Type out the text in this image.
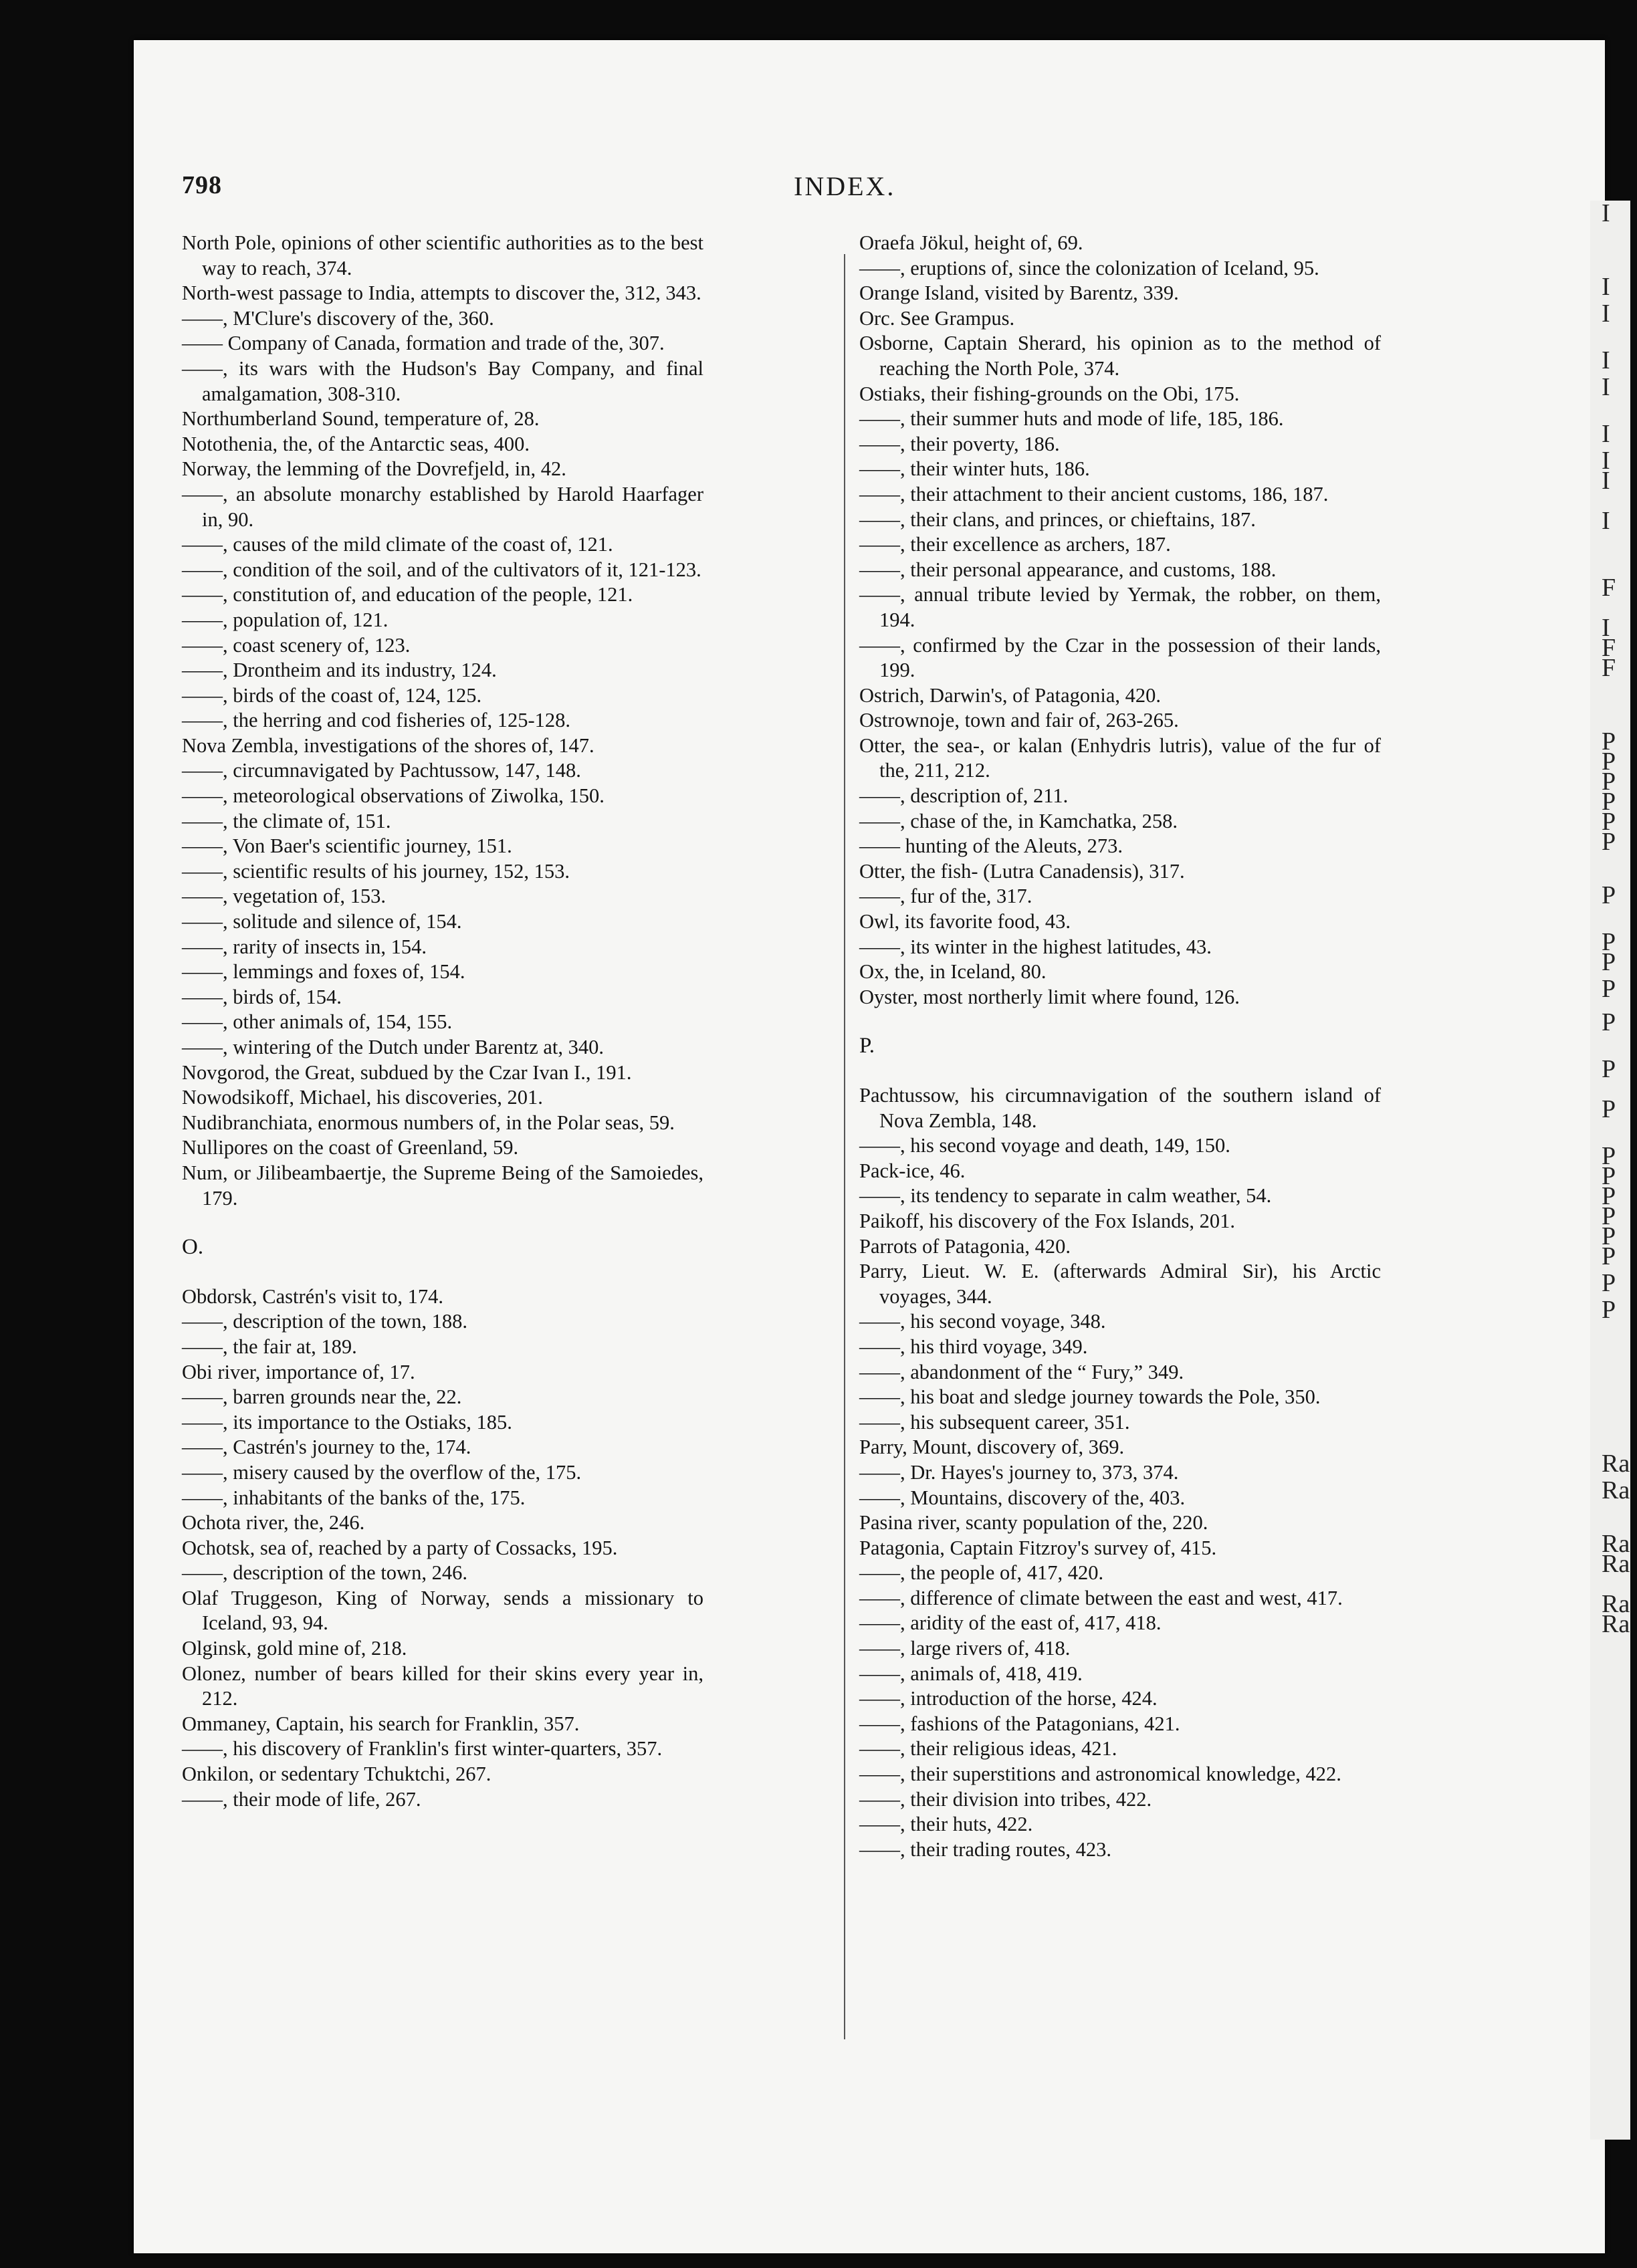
798	INDEX.
North Pole, opinions of other scientific authorities as to the best way to reach, 374.
North-west passage to India, attempts to discover the, 312, 343.
——, M'Clure's discovery of the, 360.
—— Company of Canada, formation and trade of the, 307.
——, its wars with the Hudson's Bay Company, and final amalgamation, 308-310.
Northumberland Sound, temperature of, 28.
Notothenia, the, of the Antarctic seas, 400.
Norway, the lemming of the Dovrefjeld, in, 42.
——, an absolute monarchy established by Harold Haarfager in, 90.
——, causes of the mild climate of the coast of, 121.
——, condition of the soil, and of the cultivators of it, 121-123.
——, constitution of, and education of the people, 121.
——, population of, 121.
——, coast scenery of, 123.
——, Drontheim and its industry, 124.
——, birds of the coast of, 124, 125.
——, the herring and cod fisheries of, 125-128.
Nova Zembla, investigations of the shores of, 147.
——, circumnavigated by Pachtussow, 147, 148.
——, meteorological observations of Ziwolka, 150.
——, the climate of, 151.
——, Von Baer's scientific journey, 151.
——, scientific results of his journey, 152, 153.
——, vegetation of, 153.
——, solitude and silence of, 154.
——, rarity of insects in, 154.
——, lemmings and foxes of, 154.
——, birds of, 154.
——, other animals of, 154, 155.
——, wintering of the Dutch under Barentz at, 340.
Novgorod, the Great, subdued by the Czar Ivan I., 191.
Nowodsikoff, Michael, his discoveries, 201.
Nudibranchiata, enormous numbers of, in the Polar seas, 59.
Nullipores on the coast of Greenland, 59.
Num, or Jilibeambaertje, the Supreme Being of the Samoiedes, 179.
O.
Obdorsk, Castrén's visit to, 174.
——, description of the town, 188.
——, the fair at, 189.
Obi river, importance of, 17.
——, barren grounds near the, 22.
——, its importance to the Ostiaks, 185.
——, Castrén's journey to the, 174.
——, misery caused by the overflow of the, 175.
——, inhabitants of the banks of the, 175.
Ochota river, the, 246.
Ochotsk, sea of, reached by a party of Cossacks, 195.
——, description of the town, 246.
Olaf Truggeson, King of Norway, sends a missionary to Iceland, 93, 94.
Olginsk, gold mine of, 218.
Olonez, number of bears killed for their skins every year in, 212.
Ommaney, Captain, his search for Franklin, 357.
——, his discovery of Franklin's first winter-quarters, 357.
Onkilon, or sedentary Tchuktchi, 267.
——, their mode of life, 267.
Oraefa Jökul, height of, 69.
——, eruptions of, since the colonization of Iceland, 95.
Orange Island, visited by Barentz, 339.
Orc. See Grampus.
Osborne, Captain Sherard, his opinion as to the method of reaching the North Pole, 374.
Ostiaks, their fishing-grounds on the Obi, 175.
——, their summer huts and mode of life, 185, 186.
——, their poverty, 186.
——, their winter huts, 186.
——, their attachment to their ancient customs, 186, 187.
——, their clans, and princes, or chieftains, 187.
——, their excellence as archers, 187.
——, their personal appearance, and customs, 188.
——, annual tribute levied by Yermak, the robber, on them, 194.
——, confirmed by the Czar in the possession of their lands, 199.
Ostrich, Darwin's, of Patagonia, 420.
Ostrownoje, town and fair of, 263-265.
Otter, the sea-, or kalan (Enhydris lutris), value of the fur of the, 211, 212.
——, description of, 211.
——, chase of the, in Kamchatka, 258.
—— hunting of the Aleuts, 273.
Otter, the fish- (Lutra Canadensis), 317.
——, fur of the, 317.
Owl, its favorite food, 43.
——, its winter in the highest latitudes, 43.
Ox, the, in Iceland, 80.
Oyster, most northerly limit where found, 126.
P.
Pachtussow, his circumnavigation of the southern island of Nova Zembla, 148.
——, his second voyage and death, 149, 150.
Pack-ice, 46.
——, its tendency to separate in calm weather, 54.
Paikoff, his discovery of the Fox Islands, 201.
Parrots of Patagonia, 420.
Parry, Lieut. W. E. (afterwards Admiral Sir), his Arctic voyages, 344.
——, his second voyage, 348.
——, his third voyage, 349.
——, abandonment of the “ Fury,” 349.
——, his boat and sledge journey towards the Pole, 350.
——, his subsequent career, 351.
Parry, Mount, discovery of, 369.
——, Dr. Hayes's journey to, 373, 374.
——, Mountains, discovery of the, 403.
Pasina river, scanty population of the, 220.
Patagonia, Captain Fitzroy's survey of, 415.
——, the people of, 417, 420.
——, difference of climate between the east and west, 417.
——, aridity of the east of, 417, 418.
——, large rivers of, 418.
——, animals of, 418, 419.
——, introduction of the horse, 424.
——, fashions of the Patagonians, 421.
——, their religious ideas, 421.
——, their superstitions and astronomical knowledge, 422.
——, their division into tribes, 422.
——, their huts, 422.
——, their trading routes, 423.
I
I
I
I
I
I
I
I
I
F
I
F
F
P
P
P
P
P
P
P
P
P
P
P
P
P
P
P
P
P
P
P
P
P
Ra
Ra
Ra
Ra
Ra
Ra
